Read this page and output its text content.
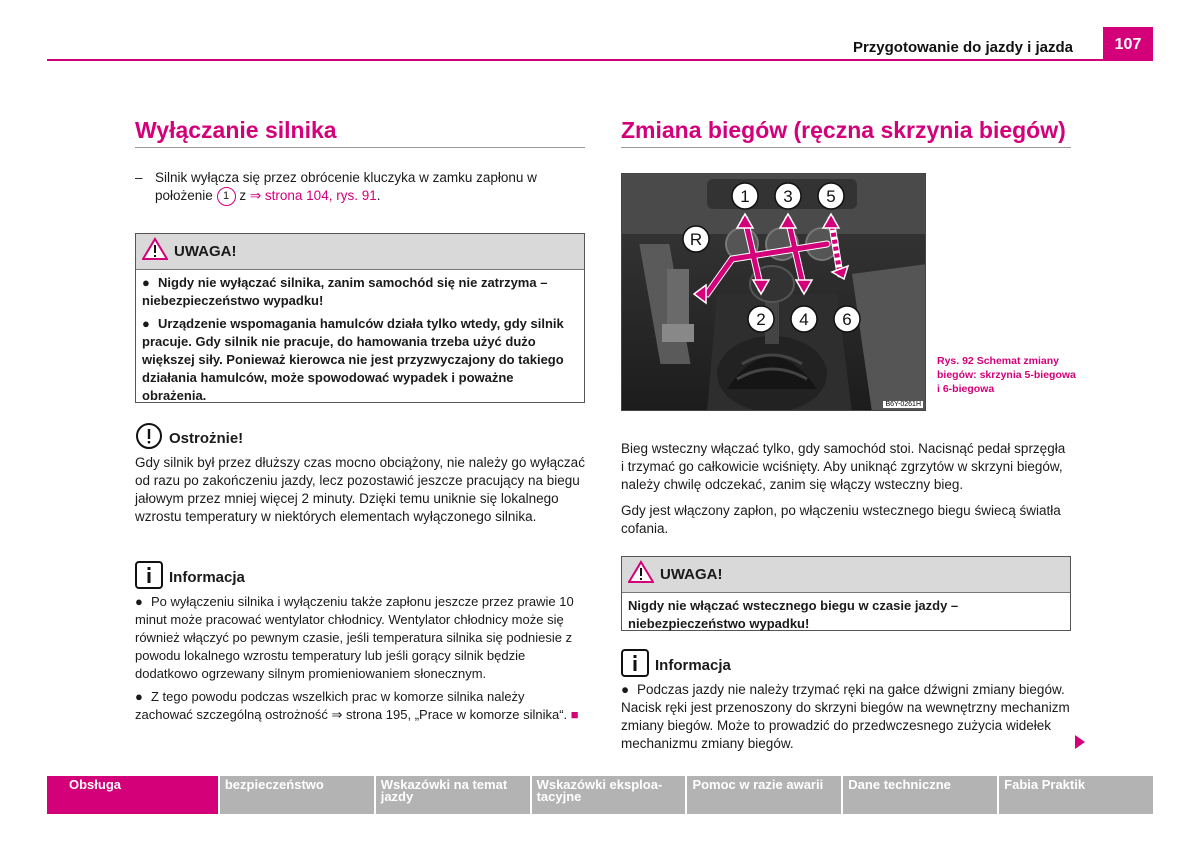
Przygotowanie do jazdy i jazda	107
Wyłączanie silnika
– Silnik wyłącza się przez obrócenie kluczyka w zamku zapłonu w położenie 1 z ⇒ strona 104, rys. 91.
UWAGA!

● Nigdy nie wyłączać silnika, zanim samochód się nie zatrzyma – niebezpieczeństwo wypadku!

● Urządzenie wspomagania hamulców działa tylko wtedy, gdy silnik pracuje. Gdy silnik nie pracuje, do hamowania trzeba użyć dużo większej siły. Ponieważ kierowca nie jest przyzwyczajony do takiego działania hamulców, może spowodować wypadek i poważne obrażenia.

Ostrożnie!
Gdy silnik był przez dłuższy czas mocno obciążony, nie należy go wyłączać od razu po zakończeniu jazdy, lecz pozostawić jeszcze pracujący na biegu jałowym przez mniej więcej 2 minuty. Dzięki temu uniknie się lokalnego wzrostu temperatury w niektórych elementach wyłączonego silnika.
Informacja
● Po wyłączeniu silnika i wyłączeniu także zapłonu jeszcze przez prawie 10 minut może pracować wentylator chłodnicy. Wentylator chłodnicy może się również włączyć po pewnym czasie, jeśli temperatura silnika się podniesie z powodu lokalnego wzrostu temperatury lub jeśli gorący silnik będzie dodatkowo ogrzewany silnym promieniowaniem słonecznym.
● Z tego powodu podczas wszelkich prac w komorze silnika należy zachować szczególną ostrożność ⇒ strona 195, „Prace w komorze silnika“. ■
Zmiana biegów (ręczna skrzynia biegów)
1 3 5
R
2 4 6
B6Y-0261H
Rys. 92 Schemat zmiany biegów: skrzynia 5-biegowa i 6-biegowa
Bieg wsteczny włączać tylko, gdy samochód stoi. Nacisnąć pedał sprzęgła i trzymać go całkowicie wciśnięty. Aby uniknąć zgrzytów w skrzyni biegów, należy chwilę odczekać, zanim się włączy wsteczny bieg.
Gdy jest włączony zapłon, po włączeniu wstecznego biegu świecą światła cofania.
UWAGA!
Nigdy nie włączać wstecznego biegu w czasie jazdy – niebezpieczeństwo wypadku!
Informacja
● Podczas jazdy nie należy trzymać ręki na gałce dźwigni zmiany biegów. Nacisk ręki jest przenoszony do skrzyni biegów na wewnętrzny mechanizm zmiany biegów. Może to prowadzić do przedwczesnego zużycia widełek mechanizmu zmiany biegów.
Obsługa	bezpieczeństwo	Wskazówki na temat jazdy
Wskazówki eksploa-tacyjne
Pomoc w razie awarii	Dane techniczne	Fabia Praktik
